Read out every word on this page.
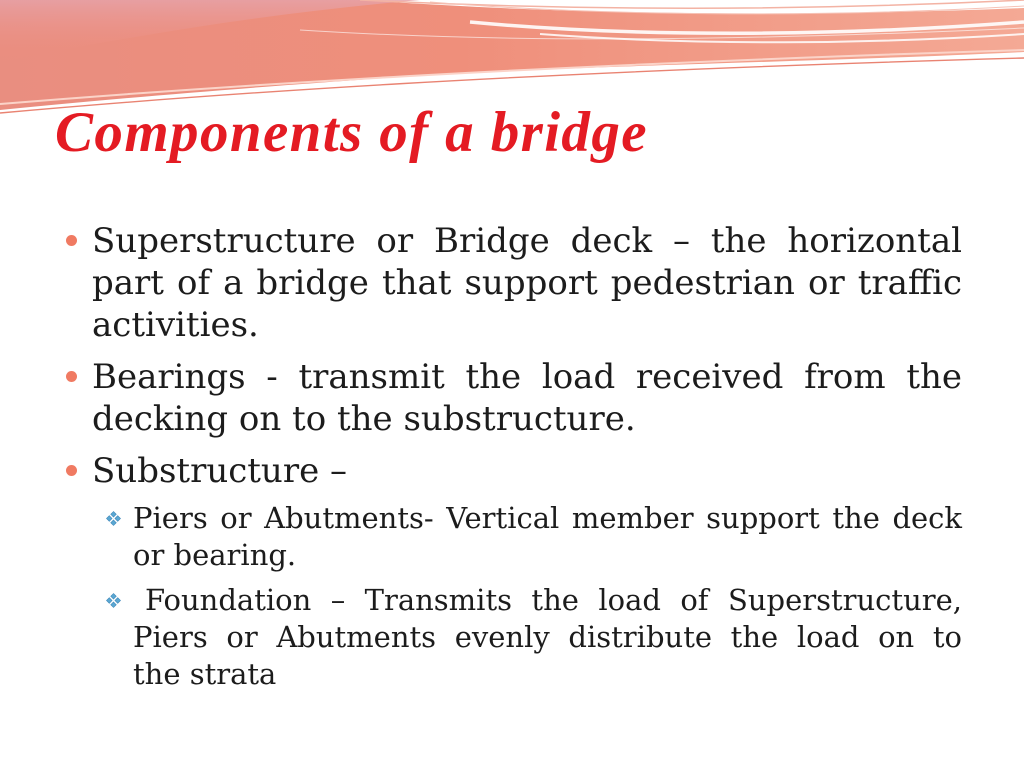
Components of a bridge
Superstructure or Bridge deck – the horizontal
part of a bridge that support pedestrian or traffic
activities.
Bearings - transmit the load received from the
decking on to the substructure.
Substructure –
Piers or Abutments- Vertical member support the deck
or bearing.
Foundation – Transmits the load of Superstructure,
Piers or Abutments evenly distribute the load on to
the strata
